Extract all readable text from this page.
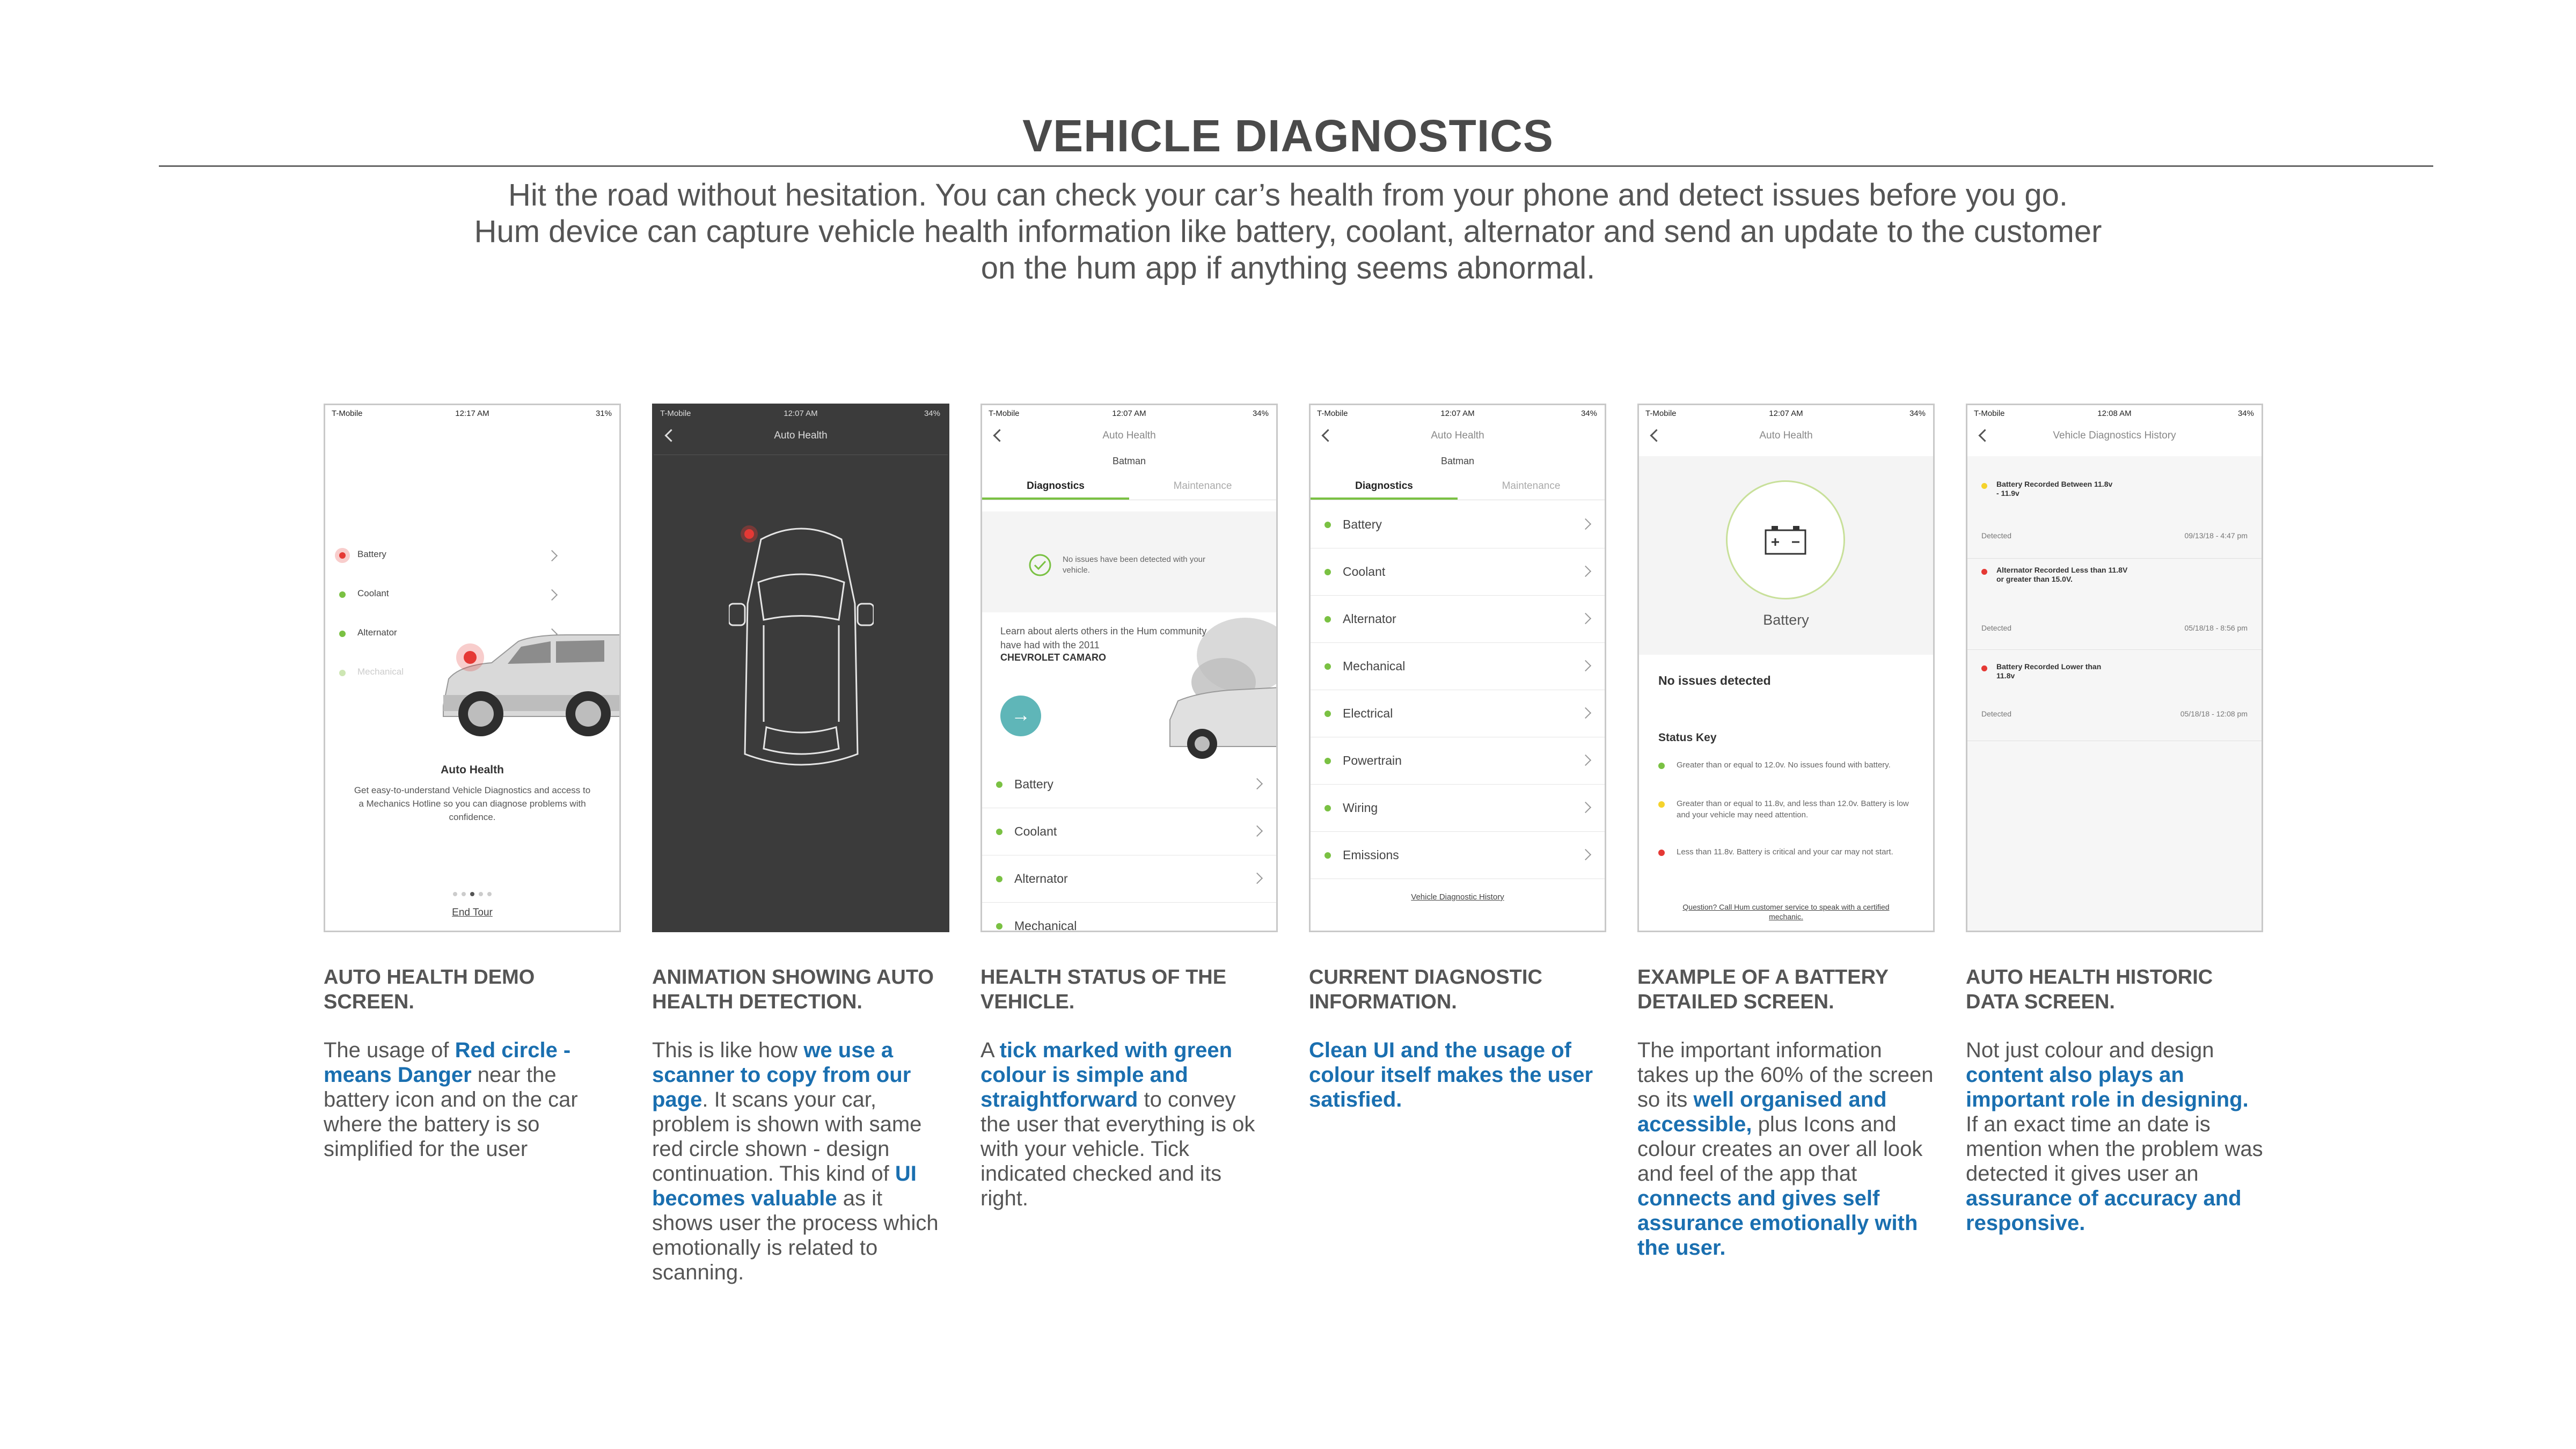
VEHICLE DIAGNOSTICS
Hit the road without hesitation. You can check your car’s health from your phone and detect issues before you go.
Hum device can capture vehicle health information like battery, coolant, alternator and send an update to the customer
on the hum app if anything seems abnormal.
T-Mobile	12:17 AM	31%
Battery
Coolant
Alternator
Mechanical
Auto Health
Get easy-to-understand Vehicle Diagnostics and access to a Mechanics Hotline so you can diagnose problems with confidence.
End Tour
T-Mobile	12:07 AM	34%
Auto Health
T-Mobile	12:07 AM	34%
Auto Health
Batman
Diagnostics	Maintenance
No issues have been detected with your vehicle.
Learn about alerts others in the Hum community have had with the 2011
CHEVROLET CAMARO
→
Battery
Coolant
Alternator
Mechanical
T-Mobile	12:07 AM	34%
Auto Health
Batman
Diagnostics	Maintenance
Battery
Coolant
Alternator
Mechanical
Electrical
Powertrain
Wiring
Emissions
Vehicle Diagnostic History
T-Mobile	12:07 AM	34%
Auto Health
Battery
No issues detected
Status Key
Greater than or equal to 12.0v. No issues found with battery.
Greater than or equal to 11.8v, and less than 12.0v. Battery is low and your vehicle may need attention.
Less than 11.8v. Battery is critical and your car may not start.
Question? Call Hum customer service to speak with a certified mechanic.
T-Mobile	12:08 AM	34%
Vehicle Diagnostics History
Battery Recorded Between 11.8v - 11.9v
Detected	09/13/18 - 4:47 pm
Alternator Recorded Less than 11.8V or greater than 15.0V.
Detected	05/18/18 - 8:56 pm
Battery Recorded Lower than 11.8v
Detected	05/18/18 - 12:08 pm
AUTO HEALTH DEMO SCREEN.
The usage of Red circle - means Danger near the battery icon and on the car where the battery is so simplified for the user
ANIMATION SHOWING AUTO HEALTH DETECTION.
This is like how we use a scanner to copy from our page. It scans your car, problem is shown with same red circle shown - design continuation. This kind of UI becomes valuable as it shows user the process which emotionally is related to scanning.
HEALTH STATUS OF THE VEHICLE.
A tick marked with green colour is simple and straightforward to convey the user that everything is ok with your vehicle. Tick indicated checked and its right.
CURRENT DIAGNOSTIC INFORMATION.
Clean UI and the usage of colour itself makes the user satisfied.
EXAMPLE OF A BATTERY DETAILED SCREEN.
The important information takes up the 60% of the screen so its well organised and accessible, plus Icons and colour creates an over all look and feel of the app that connects and gives self assurance emotionally with the user.
AUTO HEALTH HISTORIC DATA SCREEN.
Not just colour and design content also plays an important role in designing. If an exact time an date is mention when the problem was detected it gives user an assurance of accuracy and responsive.
